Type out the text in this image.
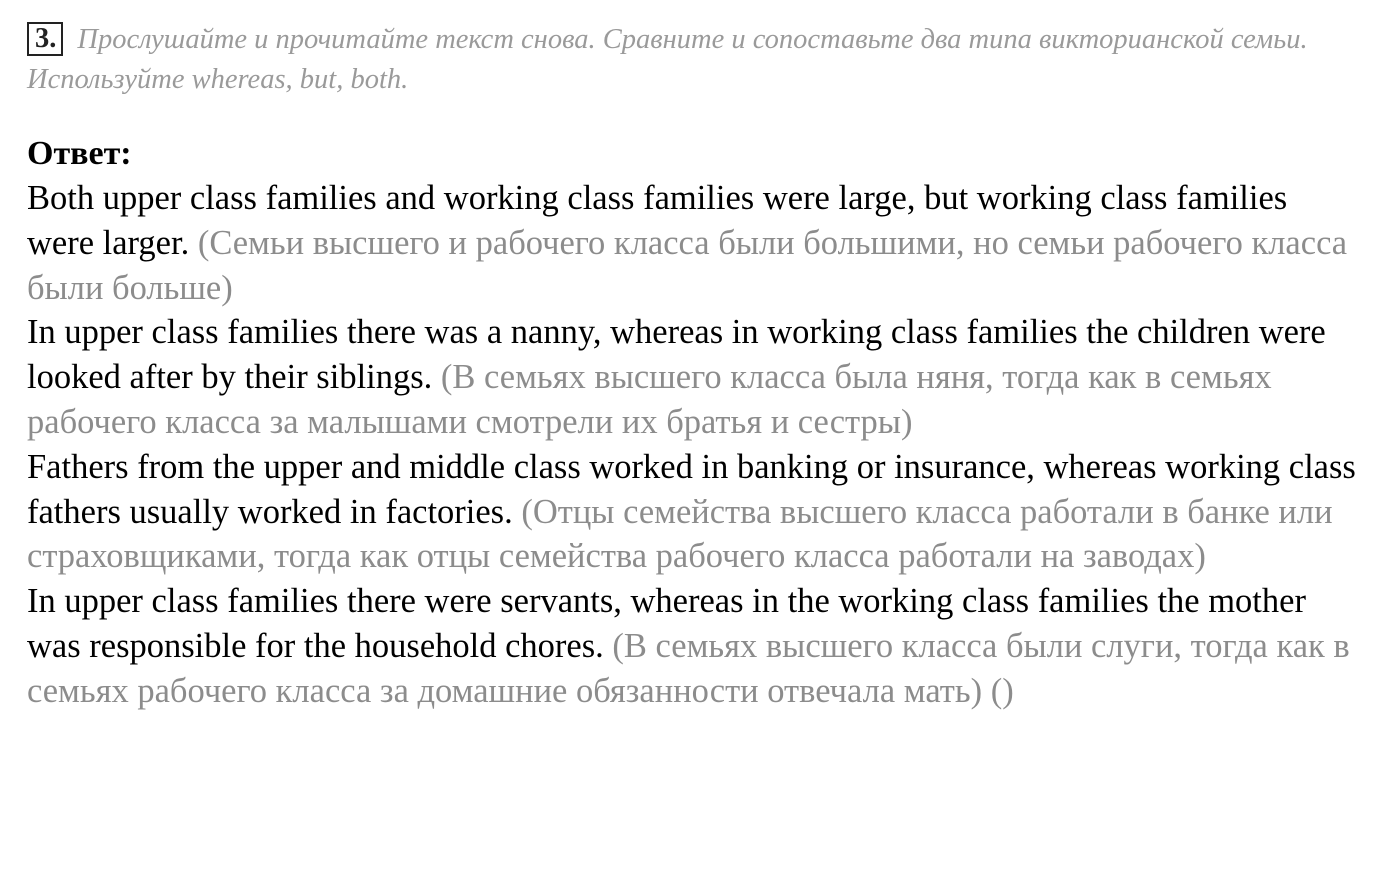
3. Прослушайте и прочитайте текст снова. Сравните и сопоставьте два типа викторианской семьи. Используйте whereas, but, both.
Ответ:

Both upper class families and working class families were large, but working class families were larger. (Семьи высшего и рабочего класса были большими, но семьи рабочего класса были больше)

In upper class families there was a nanny, whereas in working class families the children were looked after by their siblings. (В семьях высшего класса была няня, тогда как в семьях рабочего класса за малышами смотрели их братья и сестры)

Fathers from the upper and middle class worked in banking or insurance, whereas working class fathers usually worked in factories. (Отцы семейства высшего класса работали в банке или страховщиками, тогда как отцы семейства рабочего класса работали на заводах)

In upper class families there were servants, whereas in the working class families the mother was responsible for the household chores. (В семьях высшего класса были слуги, тогда как в семьях рабочего класса за домашние обязанности отвечала мать) ()
